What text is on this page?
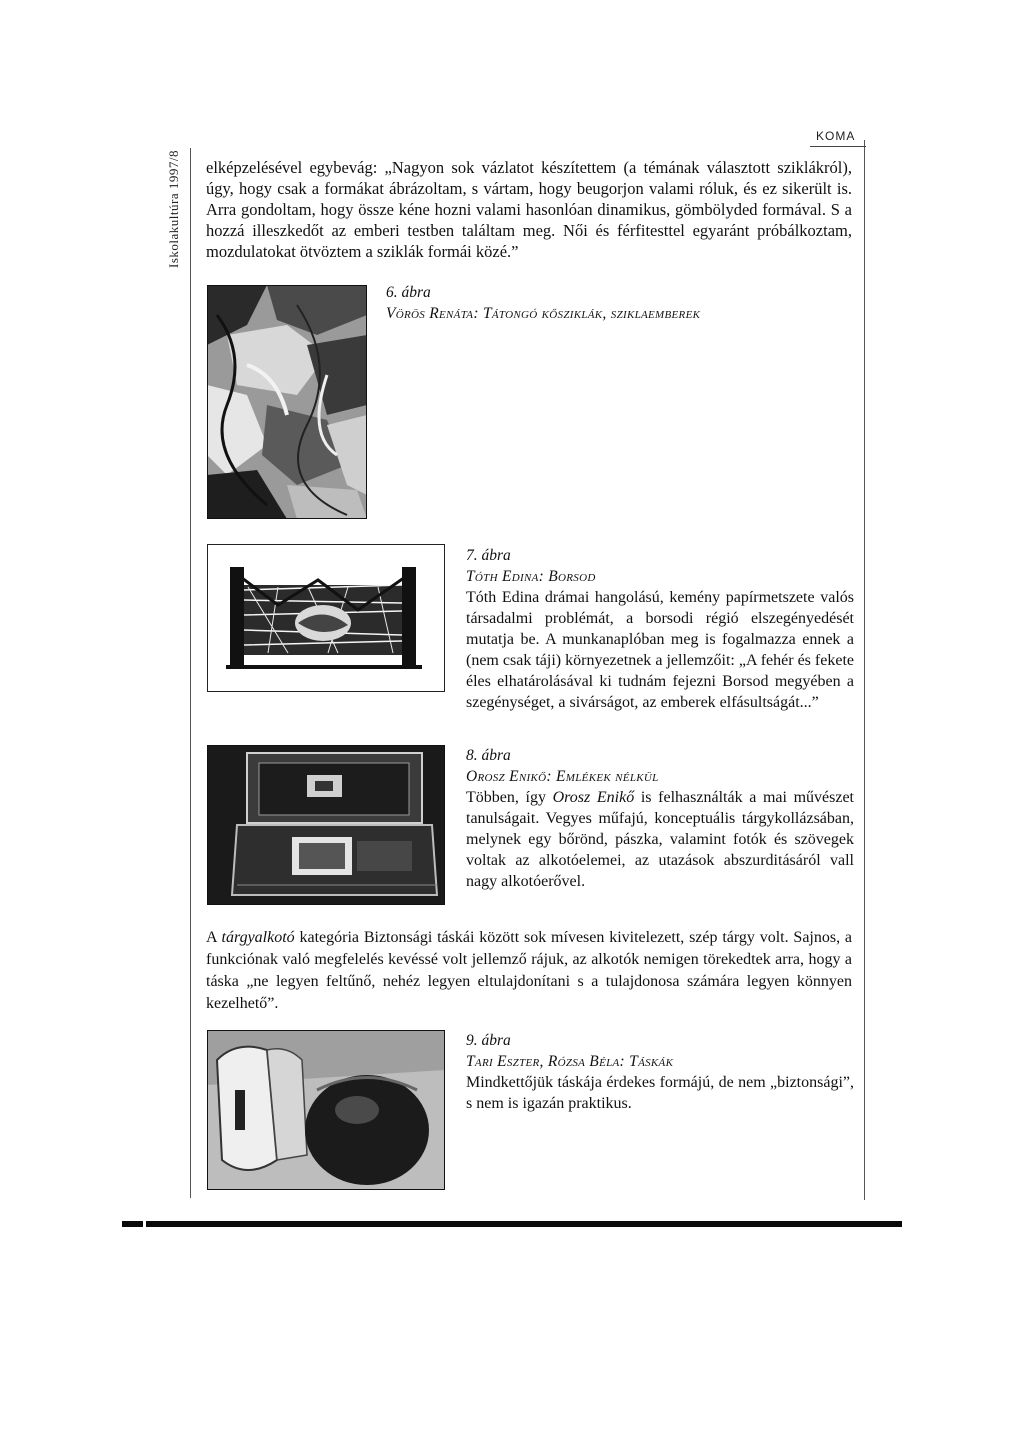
Iskolakultúra 1997/8
KOMA

elképzelésével egybevág: „Nagyon sok vázlatot készítettem (a témának választott sziklákról), úgy, hogy csak a formákat ábrázoltam, s vártam, hogy beugorjon valami róluk, és ez sikerült is. Arra gondoltam, hogy össze kéne hozni valami hasonlóan dinamikus, gömbölyded formával. S a hozzá illeszkedőt az emberi testben találtam meg. Női és férfitesttel egyaránt próbálkoztam, mozdulatokat ötvöztem a sziklák formái közé.”

6. ábra
Vörös Renáta: Tátongó kősziklák, sziklaemberek
7. ábra
Tóth Edina: Borsod
Tóth Edina drámai hangolású, kemény papírmetszete valós társadalmi problémát, a borsodi régió elszegényedését mutatja be. A munkanaplóban meg is fogalmazza ennek a (nem csak táji) környezetnek a jellemzőit: „A fehér és fekete éles elhatárolásával ki tudnám fejezni Borsod megyében a szegénységet, a sivárságot, az emberek elfásultságát...”
8. ábra
Orosz Enikő: Emlékek nélkül
Többen, így Orosz Enikő is felhasználták a mai művészet tanulságait. Vegyes műfajú, konceptuális tárgykollázsában, melynek egy bőrönd, pászka, valamint fotók és szövegek voltak az alkotóelemei, az utazások abszurditásáról vall nagy alkotóerővel.

A tárgyalkotó kategória Biztonsági táskái között sok mívesen kivitelezett, szép tárgy volt. Sajnos, a funkciónak való megfelelés kevéssé volt jellemző rájuk, az alkotók nemigen törekedtek arra, hogy a táska „ne legyen feltűnő, nehéz legyen eltulajdonítani s a tulajdonosa számára legyen könnyen kezelhető”.

9. ábra
Tari Eszter, Rózsa Béla: Táskák
Mindkettőjük táskája érdekes formájú, de nem „biztonsági”, s nem is igazán praktikus.
